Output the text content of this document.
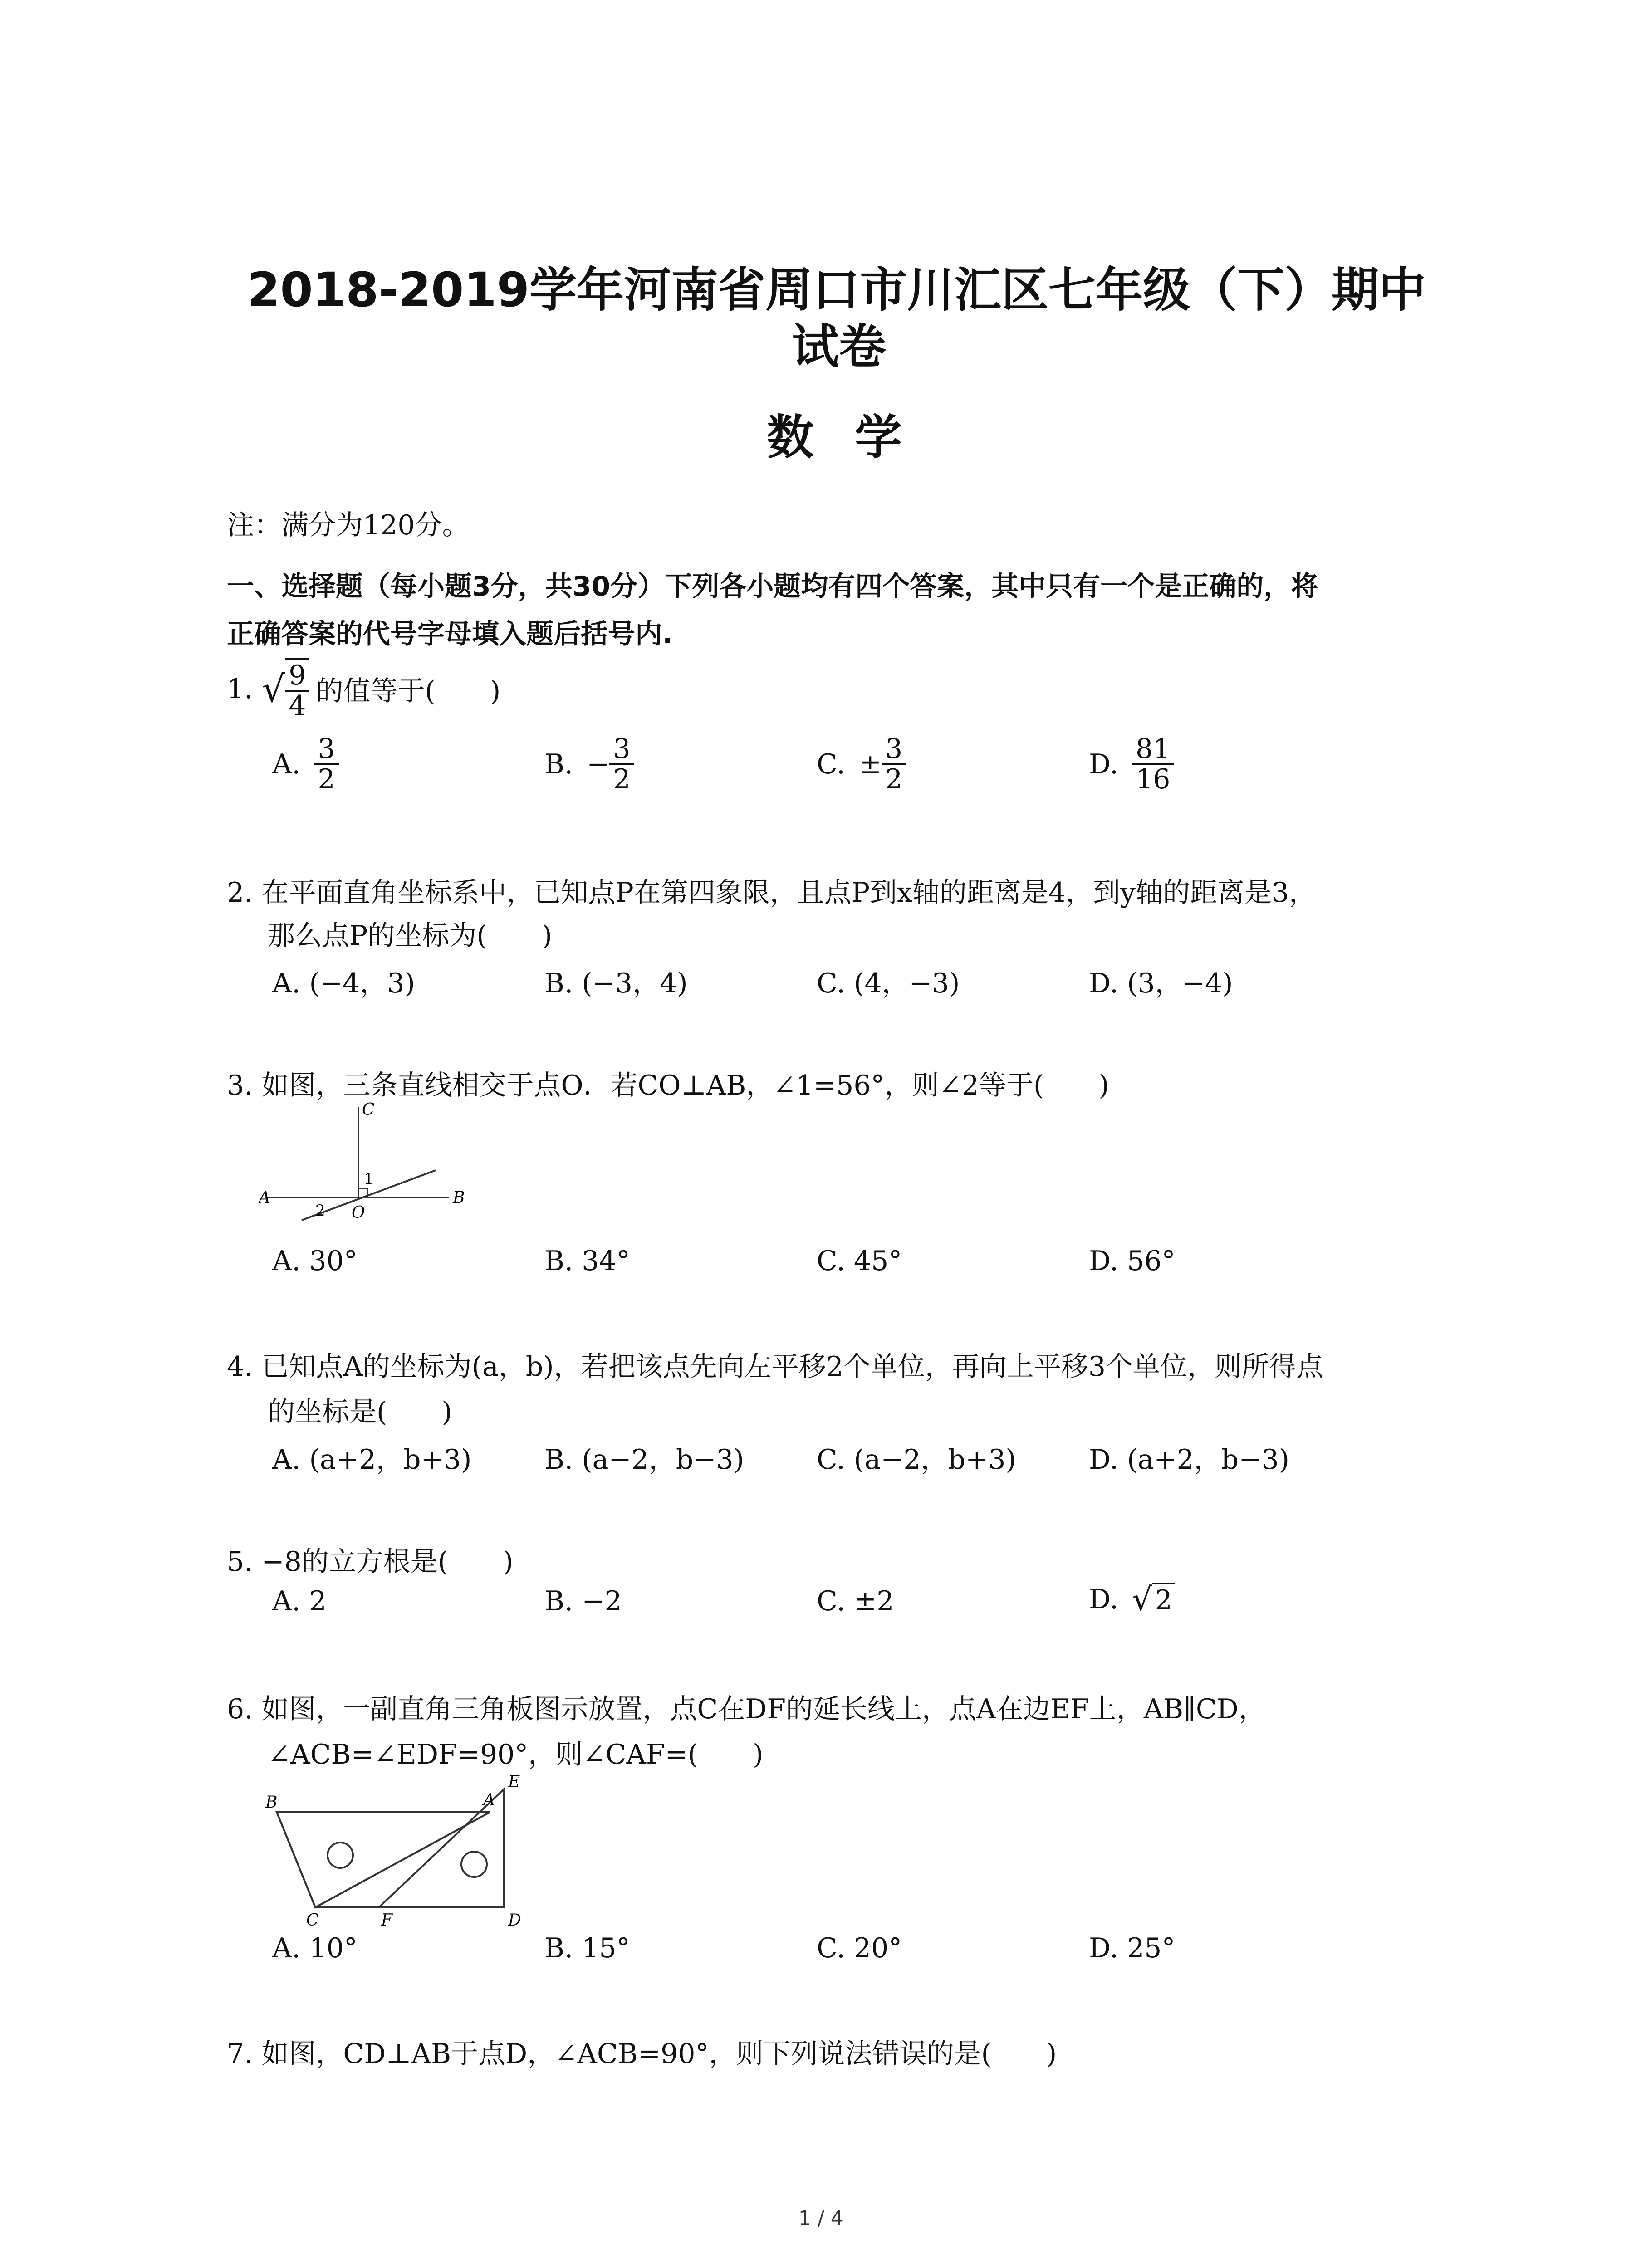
2018-2019学年河南省周口市川汇区七年级（下）期中
试卷
数学
注：满分为120分。
一、选择题（每小题3分，共30分）下列各小题均有四个答案，其中只有一个是正确的，将
正确答案的代号字母填入题后括号内.
1. √ $\frac{9}{4}$ 的值等于(　　)
A. $\frac{3}{2}$	B. − $\frac{3}{2}$	C. ± $\frac{3}{2}$	D. $\frac{81}{16}$
2. 在平面直角坐标系中，已知点P在第四象限，且点P到x轴的距离是4，到y轴的距离是3，
那么点P的坐标为(　　)
A. (−4，3)	B. (−3，4)	C. (4，−3)	D. (3，−4)
3. 如图，三条直线相交于点O．若CO⊥AB，∠1=56°，则∠2等于(　　)
C
A	B
O
1
2
A. 30°	B. 34°	C. 45°	D. 56°
4. 已知点A的坐标为(a，b)，若把该点先向左平移2个单位，再向上平移3个单位，则所得点
的坐标是(　　)
A. (a+2，b+3)	B. (a−2，b−3)	C. (a−2，b+3)	D. (a+2，b−3)
5. −8的立方根是(　　)
A. 2	B. −2	C. ±2	D. √ 2
6. 如图，一副直角三角板图示放置，点C在DF的延长线上，点A在边EF上，AB∥CD，
∠ACB=∠EDF=90°，则∠CAF=(　　)
B	A
E
C	F	D
A. 10°	B. 15°	C. 20°	D. 25°
7. 如图，CD⊥AB于点D，∠ACB=90°，则下列说法错误的是(　　)
1 / 4
